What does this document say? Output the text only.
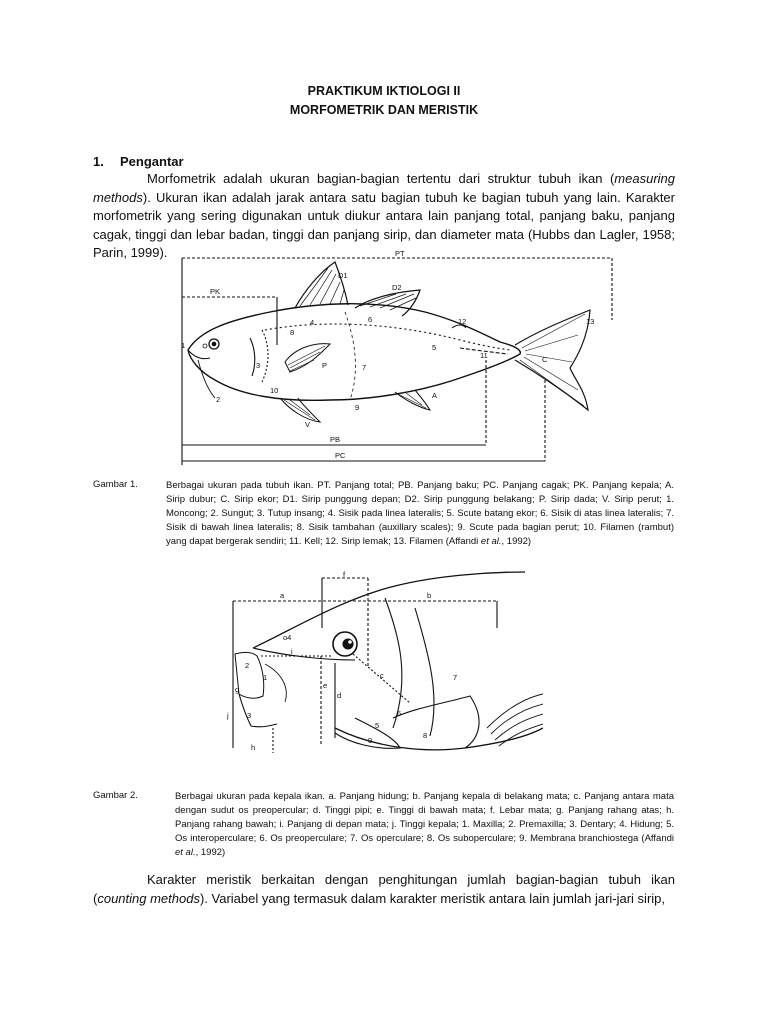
PRAKTIKUM IKTIOLOGI II
MORFOMETRIK DAN MERISTIK
1. Pengantar
Morfometrik adalah ukuran bagian-bagian tertentu dari struktur tubuh ikan (measuring methods). Ukuran ikan adalah jarak antara satu bagian tubuh ke bagian tubuh yang lain. Karakter morfometrik yang sering digunakan untuk diukur antara lain panjang total, panjang baku, panjang cagak, tinggi dan lebar badan, tinggi dan panjang sirip, dan diameter mata (Hubbs dan Lagler, 1958; Parin, 1999).	PT
PK
PB
PC
D1
D2
P
V
A
C
1
2
3
4
5
6
7
8
9
10
11
12	13
Gambar 1.	Berbagai ukuran pada tubuh ikan. PT. Panjang total; PB. Panjang baku; PC. Panjang cagak; PK. Panjang kepala; A. Sirip dubur; C. Sirip ekor; D1. Sirip punggung depan; D2. Sirip punggung belakang; P. Sirip dada; V. Sirip perut; 1. Moncong; 2. Sungut; 3. Tutup insang; 4. Sisik pada linea lateralis; 5. Scute batang ekor; 6. Sisik di atas linea lateralis; 7. Sisik di bawah linea lateralis; 8. Sisik tambahan (auxillary scales); 9. Scute pada bagian perut; 10. Filamen (rambut) yang dapat bergerak sendiri; 11. Kell; 12. Sirip lemak; 13. Filamen (Affandi et al., 1992)
a	b
c
d
e
f
g
h
i
j
1
2
3
o4
5
6
7
8
9
Gambar 2.	Berbagai ukuran pada kepala ikan. a. Panjang hidung; b. Panjang kepala di belakang mata; c. Panjang antara mata dengan sudut os preopercular; d. Tinggi pipi; e. Tinggi di bawah mata; f. Lebar mata; g. Panjang rahang atas; h. Panjang rahang bawah; i. Panjang di depan mata; j. Tinggi kepala; 1. Maxilla; 2. Premaxilla; 3. Dentary; 4. Hidung; 5. Os interoperculare; 6. Os preoperculare; 7. Os operculare; 8. Os suboperculare; 9. Membrana branchiostega (Affandi et al., 1992)
Karakter meristik berkaitan dengan penghitungan jumlah bagian-bagian tubuh ikan (counting methods). Variabel yang termasuk dalam karakter meristik antara lain jumlah jari-jari sirip,
